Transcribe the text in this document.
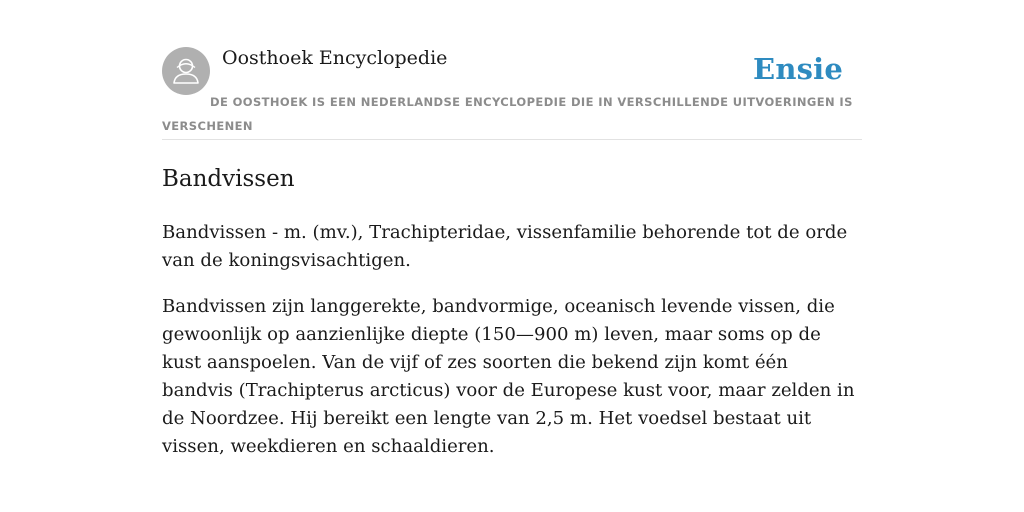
Oosthoek Encyclopedie	Ensie
DE OOSTHOEK IS EEN NEDERLANDSE ENCYCLOPEDIE DIE IN VERSCHILLENDE UITVOERINGEN IS VERSCHENEN
Bandvissen

Bandvissen - m. (mv.), Trachipteridae, vissenfamilie behorende tot de orde van de koningsvisachtigen.

Bandvissen zijn langgerekte, bandvormige, oceanisch levende vissen, die gewoonlijk op aanzienlijke diepte (150—900 m) leven, maar soms op de kust aanspoelen. Van de vijf of zes soorten die bekend zijn komt één bandvis (Trachipterus arcticus) voor de Europese kust voor, maar zelden in de Noordzee. Hij bereikt een lengte van 2,5 m. Het voedsel bestaat uit vissen, weekdieren en schaaldieren.
